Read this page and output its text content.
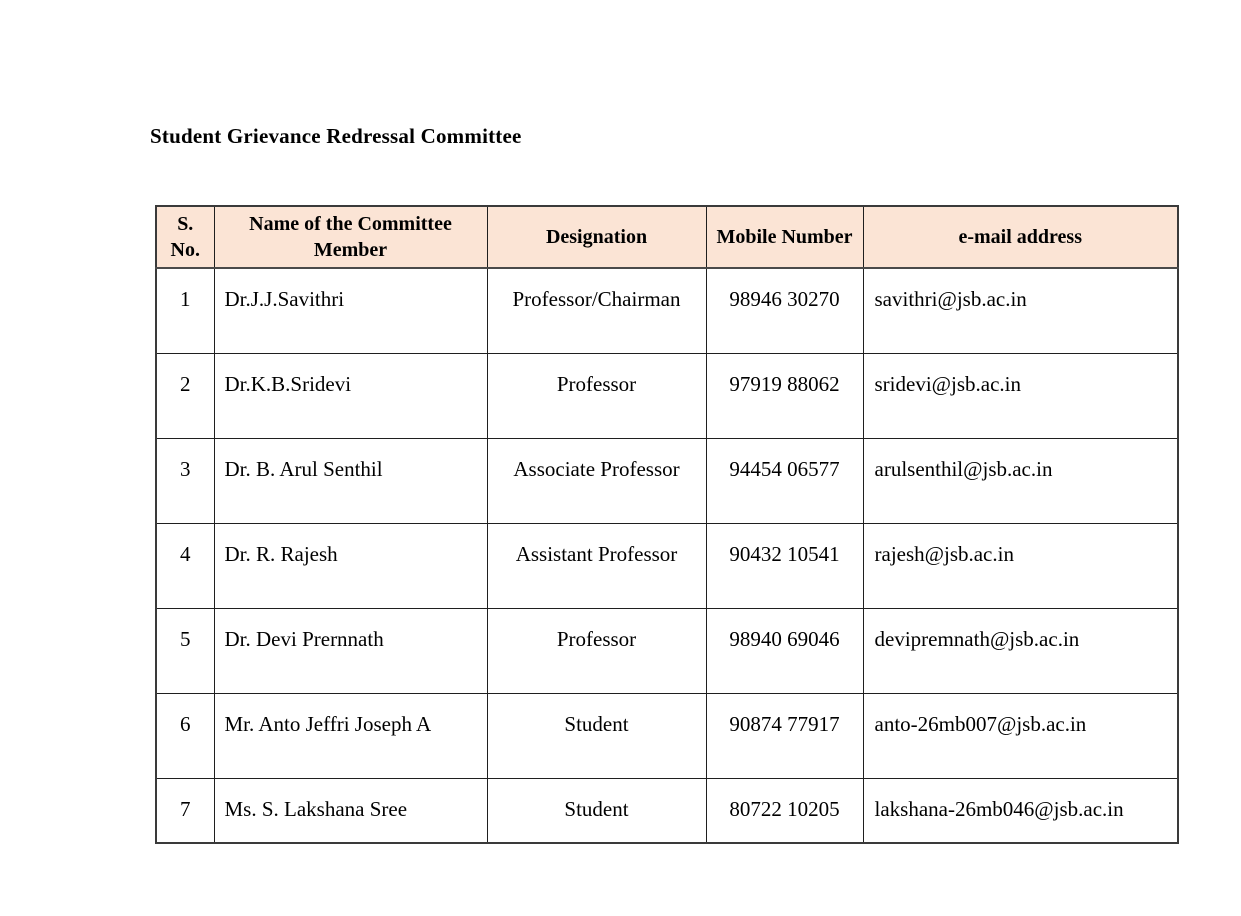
Student Grievance Redressal Committee
S. No.	Name of the Committee Member	Designation	Mobile Number	e-mail address
1	Dr.J.J.Savithri	Professor/Chairman	98946 30270	savithri@jsb.ac.in
2	Dr.K.B.Sridevi	Professor	97919 88062	sridevi@jsb.ac.in
3	Dr. B. Arul Senthil	Associate Professor	94454 06577	arulsenthil@jsb.ac.in
4	Dr. R. Rajesh	Assistant Professor	90432 10541	rajesh@jsb.ac.in
5	Dr. Devi Prernnath	Professor	98940 69046	devipremnath@jsb.ac.in
6	Mr. Anto Jeffri Joseph A	Student	90874 77917	anto-26mb007@jsb.ac.in
7	Ms. S. Lakshana Sree	Student	80722 10205	lakshana-26mb046@jsb.ac.in
